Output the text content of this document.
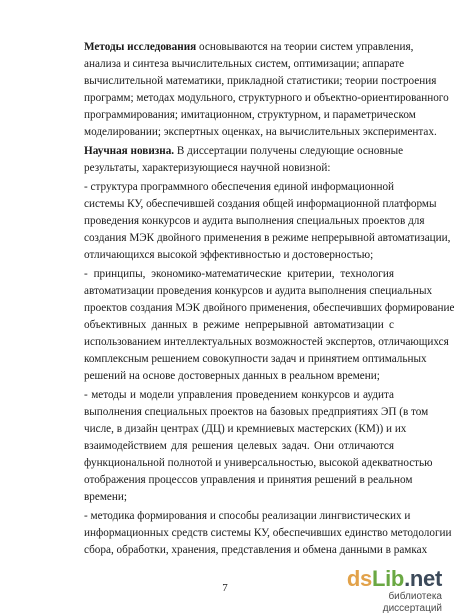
Методы исследования основываются на теории систем управления,
анализа и синтеза вычислительных систем, оптимизации; аппарате
вычислительной математики, прикладной статистики; теории построения
программ; методах модульного, структурного и объектно-ориентированного
программирования; имитационном, структурном, и параметрическом
моделировании; экспертных оценках, на вычислительных экспериментах.
Научная новизна. В диссертации получены следующие основные
результаты, характеризующиеся научной новизной:
- структура программного обеспечения единой информационной
системы КУ, обеспечившей создания общей информационной платформы
проведения конкурсов и аудита выполнения специальных проектов для
создания МЭК двойного применения в режиме непрерывной автоматизации,
отличающихся высокой эффективностью и достоверностью;
- принципы, экономико-математические критерии, технология
автоматизации проведения конкурсов и аудита выполнения специальных
проектов создания МЭК двойного применения, обеспечивших формирование
объективных данных в режиме непрерывной автоматизации с
использованием интеллектуальных возможностей экспертов, отличающихся
комплексным решением совокупности задач и принятием оптимальных
решений на основе достоверных данных в реальном времени;
- методы и модели управления проведением конкурсов и аудита
выполнения специальных проектов на базовых предприятиях ЭП (в том
числе, в дизайн центрах (ДЦ) и кремниевых мастерских (КМ)) и их
взаимодействием для решения целевых задач. Они отличаются
функциональной полнотой и универсальностью, высокой адекватностью
отображения процессов управления и принятия решений в реальном
времени;
- методика формирования и способы реализации лингвистических и
информационных средств системы КУ, обеспечивших единство методологии
сбора, обработки, хранения, представления и обмена данными в рамках
7	dsLib.net
библиотека диссертаций
